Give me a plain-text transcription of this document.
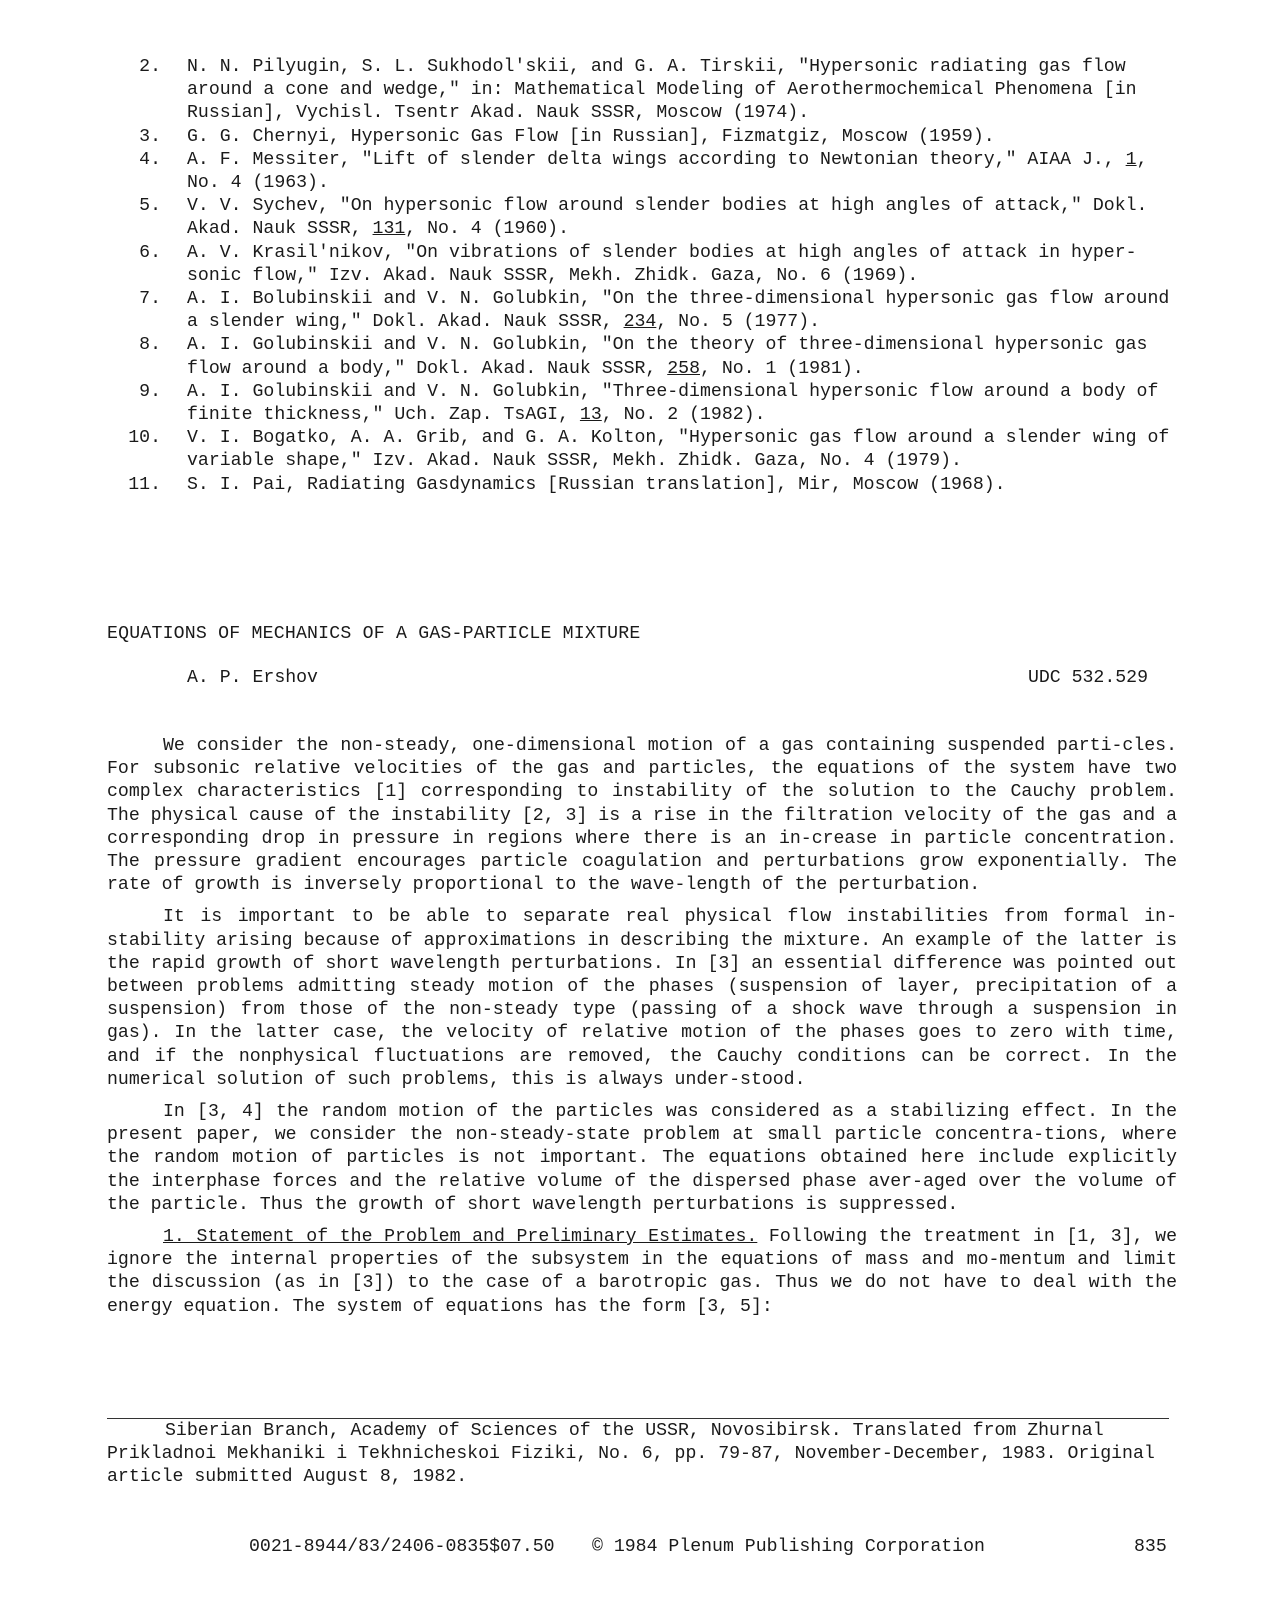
2.	N. N. Pilyugin, S. L. Sukhodol'skii, and G. A. Tirskii, "Hypersonic radiating gas flow around a cone and wedge," in: Mathematical Modeling of Aerothermochemical Phenomena [in Russian], Vychisl. Tsentr Akad. Nauk SSSR, Moscow (1974).
3.	G. G. Chernyi, Hypersonic Gas Flow [in Russian], Fizmatgiz, Moscow (1959).
4.	A. F. Messiter, "Lift of slender delta wings according to Newtonian theory," AIAA J., 1, No. 4 (1963).
5.	V. V. Sychev, "On hypersonic flow around slender bodies at high angles of attack," Dokl. Akad. Nauk SSSR, 131, No. 4 (1960).
6.	A. V. Krasil'nikov, "On vibrations of slender bodies at high angles of attack in hyper-sonic flow," Izv. Akad. Nauk SSSR, Mekh. Zhidk. Gaza, No. 6 (1969).
7.	A. I. Bolubinskii and V. N. Golubkin, "On the three-dimensional hypersonic gas flow around a slender wing," Dokl. Akad. Nauk SSSR, 234, No. 5 (1977).
8.	A. I. Golubinskii and V. N. Golubkin, "On the theory of three-dimensional hypersonic gas flow around a body," Dokl. Akad. Nauk SSSR, 258, No. 1 (1981).
9.	A. I. Golubinskii and V. N. Golubkin, "Three-dimensional hypersonic flow around a body of finite thickness," Uch. Zap. TsAGI, 13, No. 2 (1982).
10.	V. I. Bogatko, A. A. Grib, and G. A. Kolton, "Hypersonic gas flow around a slender wing of variable shape," Izv. Akad. Nauk SSSR, Mekh. Zhidk. Gaza, No. 4 (1979).
11.	S. I. Pai, Radiating Gasdynamics [Russian translation], Mir, Moscow (1968).
EQUATIONS OF MECHANICS OF A GAS-PARTICLE MIXTURE
A. P. Ershov	UDC 532.529

We consider the non-steady, one-dimensional motion of a gas containing suspended parti-cles. For subsonic relative velocities of the gas and particles, the equations of the system have two complex characteristics [1] corresponding to instability of the solution to the Cauchy problem. The physical cause of the instability [2, 3] is a rise in the filtration velocity of the gas and a corresponding drop in pressure in regions where there is an in-crease in particle concentration. The pressure gradient encourages particle coagulation and perturbations grow exponentially. The rate of growth is inversely proportional to the wave-length of the perturbation.

It is important to be able to separate real physical flow instabilities from formal in-stability arising because of approximations in describing the mixture. An example of the latter is the rapid growth of short wavelength perturbations. In [3] an essential difference was pointed out between problems admitting steady motion of the phases (suspension of layer, precipitation of a suspension) from those of the non-steady type (passing of a shock wave through a suspension in gas). In the latter case, the velocity of relative motion of the phases goes to zero with time, and if the nonphysical fluctuations are removed, the Cauchy conditions can be correct. In the numerical solution of such problems, this is always under-stood.

In [3, 4] the random motion of the particles was considered as a stabilizing effect. In the present paper, we consider the non-steady-state problem at small particle concentra-tions, where the random motion of particles is not important. The equations obtained here include explicitly the interphase forces and the relative volume of the dispersed phase aver-aged over the volume of the particle. Thus the growth of short wavelength perturbations is suppressed.

1. Statement of the Problem and Preliminary Estimates. Following the treatment in [1, 3], we ignore the internal properties of the subsystem in the equations of mass and mo-mentum and limit the discussion (as in [3]) to the case of a barotropic gas. Thus we do not have to deal with the energy equation. The system of equations has the form [3, 5]:

Siberian Branch, Academy of Sciences of the USSR, Novosibirsk. Translated from Zhurnal Prikladnoi Mekhaniki i Tekhnicheskoi Fiziki, No. 6, pp. 79-87, November-December, 1983. Original article submitted August 8, 1982.

0021-8944/83/2406-0835$07.50 © 1984 Plenum Publishing Corporation	835
